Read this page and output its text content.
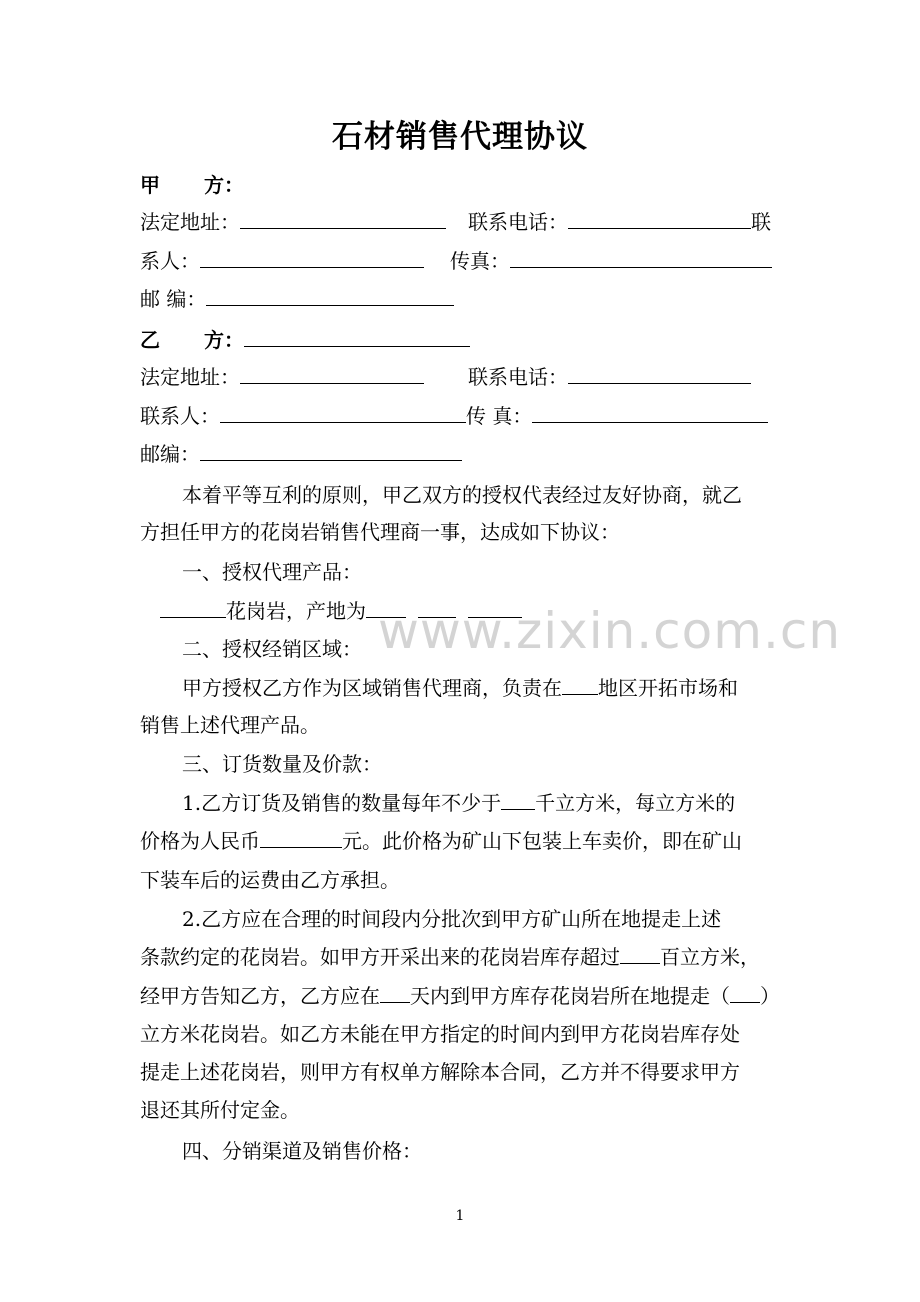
石材销售代理协议
甲 方：
法定地址：	联系电话：	联
系人：	传真：
邮 编：
乙 方：
法定地址：	联系电话：
联系人：	传 真：
邮编：
本着平等互利的原则，甲乙双方的授权代表经过友好协商，就乙
方担任甲方的花岗岩销售代理商一事，达成如下协议：
一、授权代理产品：
花岗岩，产地为
二、授权经销区域：
甲方授权乙方作为区域销售代理商，负责在 地区开拓市场和
销售上述代理产品。
三、订货数量及价款：
1.乙方订货及销售的数量每年不少于 千立方米，每立方米的
价格为人民币	元。此价格为矿山下包装上车卖价，即在矿山
下装车后的运费由乙方承担。
2.乙方应在合理的时间段内分批次到甲方矿山所在地提走上述
条款约定的花岗岩。如甲方开采出来的花岗岩库存超过 百立方米，
经甲方告知乙方，乙方应在 天内到甲方库存花岗岩所在地提走（ ）
立方米花岗岩。如乙方未能在甲方指定的时间内到甲方花岗岩库存处
提走上述花岗岩，则甲方有权单方解除本合同，乙方并不得要求甲方
退还其所付定金。
四、分销渠道及销售价格：
www.zixin.com.cn
1
